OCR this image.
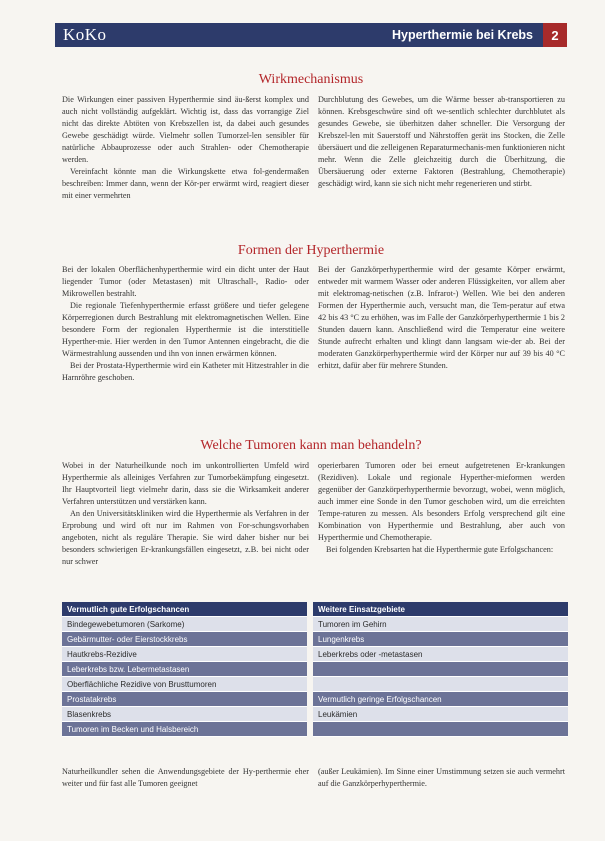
KoKo	Hyperthermie bei Krebs	2
Wirkmechanismus

Die Wirkungen einer passiven Hyperthermie sind äu-ßerst komplex und auch nicht vollständig aufgeklärt. Wichtig ist, dass das vorrangige Ziel nicht das direkte Abtöten von Krebszellen ist, da dabei auch gesundes Gewebe geschädigt würde. Vielmehr sollen Tumorzel-len sensibler für natürliche Abbauprozesse oder auch Strahlen- oder Chemotherapie werden.

Vereinfacht könnte man die Wirkungskette etwa fol-gendermaßen beschreiben: Immer dann, wenn der Kör-per erwärmt wird, reagiert dieser mit einer vermehrten

Durchblutung des Gewebes, um die Wärme besser ab-transportieren zu können. Krebsgeschwüre sind oft we-sentlich schlechter durchblutet als gesundes Gewebe, sie überhitzen daher schneller. Die Versorgung der Krebszel-len mit Sauerstoff und Nährstoffen gerät ins Stocken, die Zelle übersäuert und die zelleigenen Reparaturmechanis-men funktionieren nicht mehr. Wenn die Zelle gleichzeitig durch die Überhitzung, die Übersäuerung oder externe Faktoren (Bestrahlung, Chemotherapie) geschädigt wird, kann sie sich nicht mehr regenerieren und stirbt.

Formen der Hyperthermie

Bei der lokalen Oberflächenhyperthermie wird ein dicht unter der Haut liegender Tumor (oder Metastasen) mit Ultraschall-, Radio- oder Mikrowellen bestrahlt.

Die regionale Tiefenhyperthermie erfasst größere und tiefer gelegene Körperregionen durch Bestrahlung mit elektromagnetischen Wellen. Eine besondere Form der regionalen Hyperthermie ist die interstitielle Hyperther-mie. Hier werden in den Tumor Antennen eingebracht, die die Wärmestrahlung aussenden und ihn von innen erwärmen können.

Bei der Prostata-Hyperthermie wird ein Katheter mit Hitzestrahler in die Harnröhre geschoben.

Bei der Ganzkörperhyperthermie wird der gesamte Körper erwärmt, entweder mit warmem Wasser oder anderen Flüssigkeiten, vor allem aber mit elektromag-netischen (z.B. Infrarot-) Wellen. Wie bei den anderen Formen der Hyperthermie auch, versucht man, die Tem-peratur auf etwa 42 bis 43 °C zu erhöhen, was im Falle der Ganzkörperhyperthermie 1 bis 2 Stunden dauern kann. Anschließend wird die Temperatur eine weitere Stunde aufrecht erhalten und klingt dann langsam wie-der ab. Bei der moderaten Ganzkörperhyperthermie wird der Körper nur auf 39 bis 40 °C erhitzt, dafür aber für mehrere Stunden.

Welche Tumoren kann man behandeln?

Wobei in der Naturheilkunde noch im unkontrollierten Umfeld wird Hyperthermie als alleiniges Verfahren zur Tumorbekämpfung eingesetzt. Ihr Hauptvorteil liegt vielmehr darin, dass sie die Wirksamkeit anderer Verfahren unterstützen und verstärken kann.

An den Universitätskliniken wird die Hyperthermie als Verfahren in der Erprobung und wird oft nur im Rahmen von For-schungsvorhaben angeboten, nicht als reguläre Therapie. Sie wird daher bisher nur bei besonders schwierigen Er-krankungsfällen eingesetzt, z.B. bei nicht oder nur schwer

operierbaren Tumoren oder bei erneut aufgetretenen Er-krankungen (Rezidiven). Lokale und regionale Hyperther-mieformen werden gegenüber der Ganzkörperhyperthermie bevorzugt, wobei, wenn möglich, auch immer eine Sonde in den Tumor geschoben wird, um die erreichten Tempe-raturen zu messen. Als besonders Erfolg versprechend gilt eine Kombination von Hyperthermie und Bestrahlung, aber auch von Hyperthermie und Chemotherapie.

Bei folgenden Krebsarten hat die Hyperthermie gute Erfolgschancen:

Vermutlich gute Erfolgschancen		Weitere Einsatzgebiete
Bindegewebetumoren (Sarkome)		Tumoren im Gehirn
Gebärmutter- oder Eierstockkrebs		Lungenkrebs
Hautkrebs-Rezidive		Leberkrebs oder -metastasen
Leberkrebs bzw. Lebermetastasen		
Oberflächliche Rezidive von Brusttumoren		
Prostatakrebs		Vermutlich geringe Erfolgschancen
Blasenkrebs		Leukämien
Tumoren im Becken und Halsbereich		

Naturheilkundler sehen die Anwendungsgebiete der Hy-perthermie eher weiter und für fast alle Tumoren geeignet

(außer Leukämien). Im Sinne einer Umstimmung setzen sie auch vermehrt auf die Ganzkörperhyperthermie.
